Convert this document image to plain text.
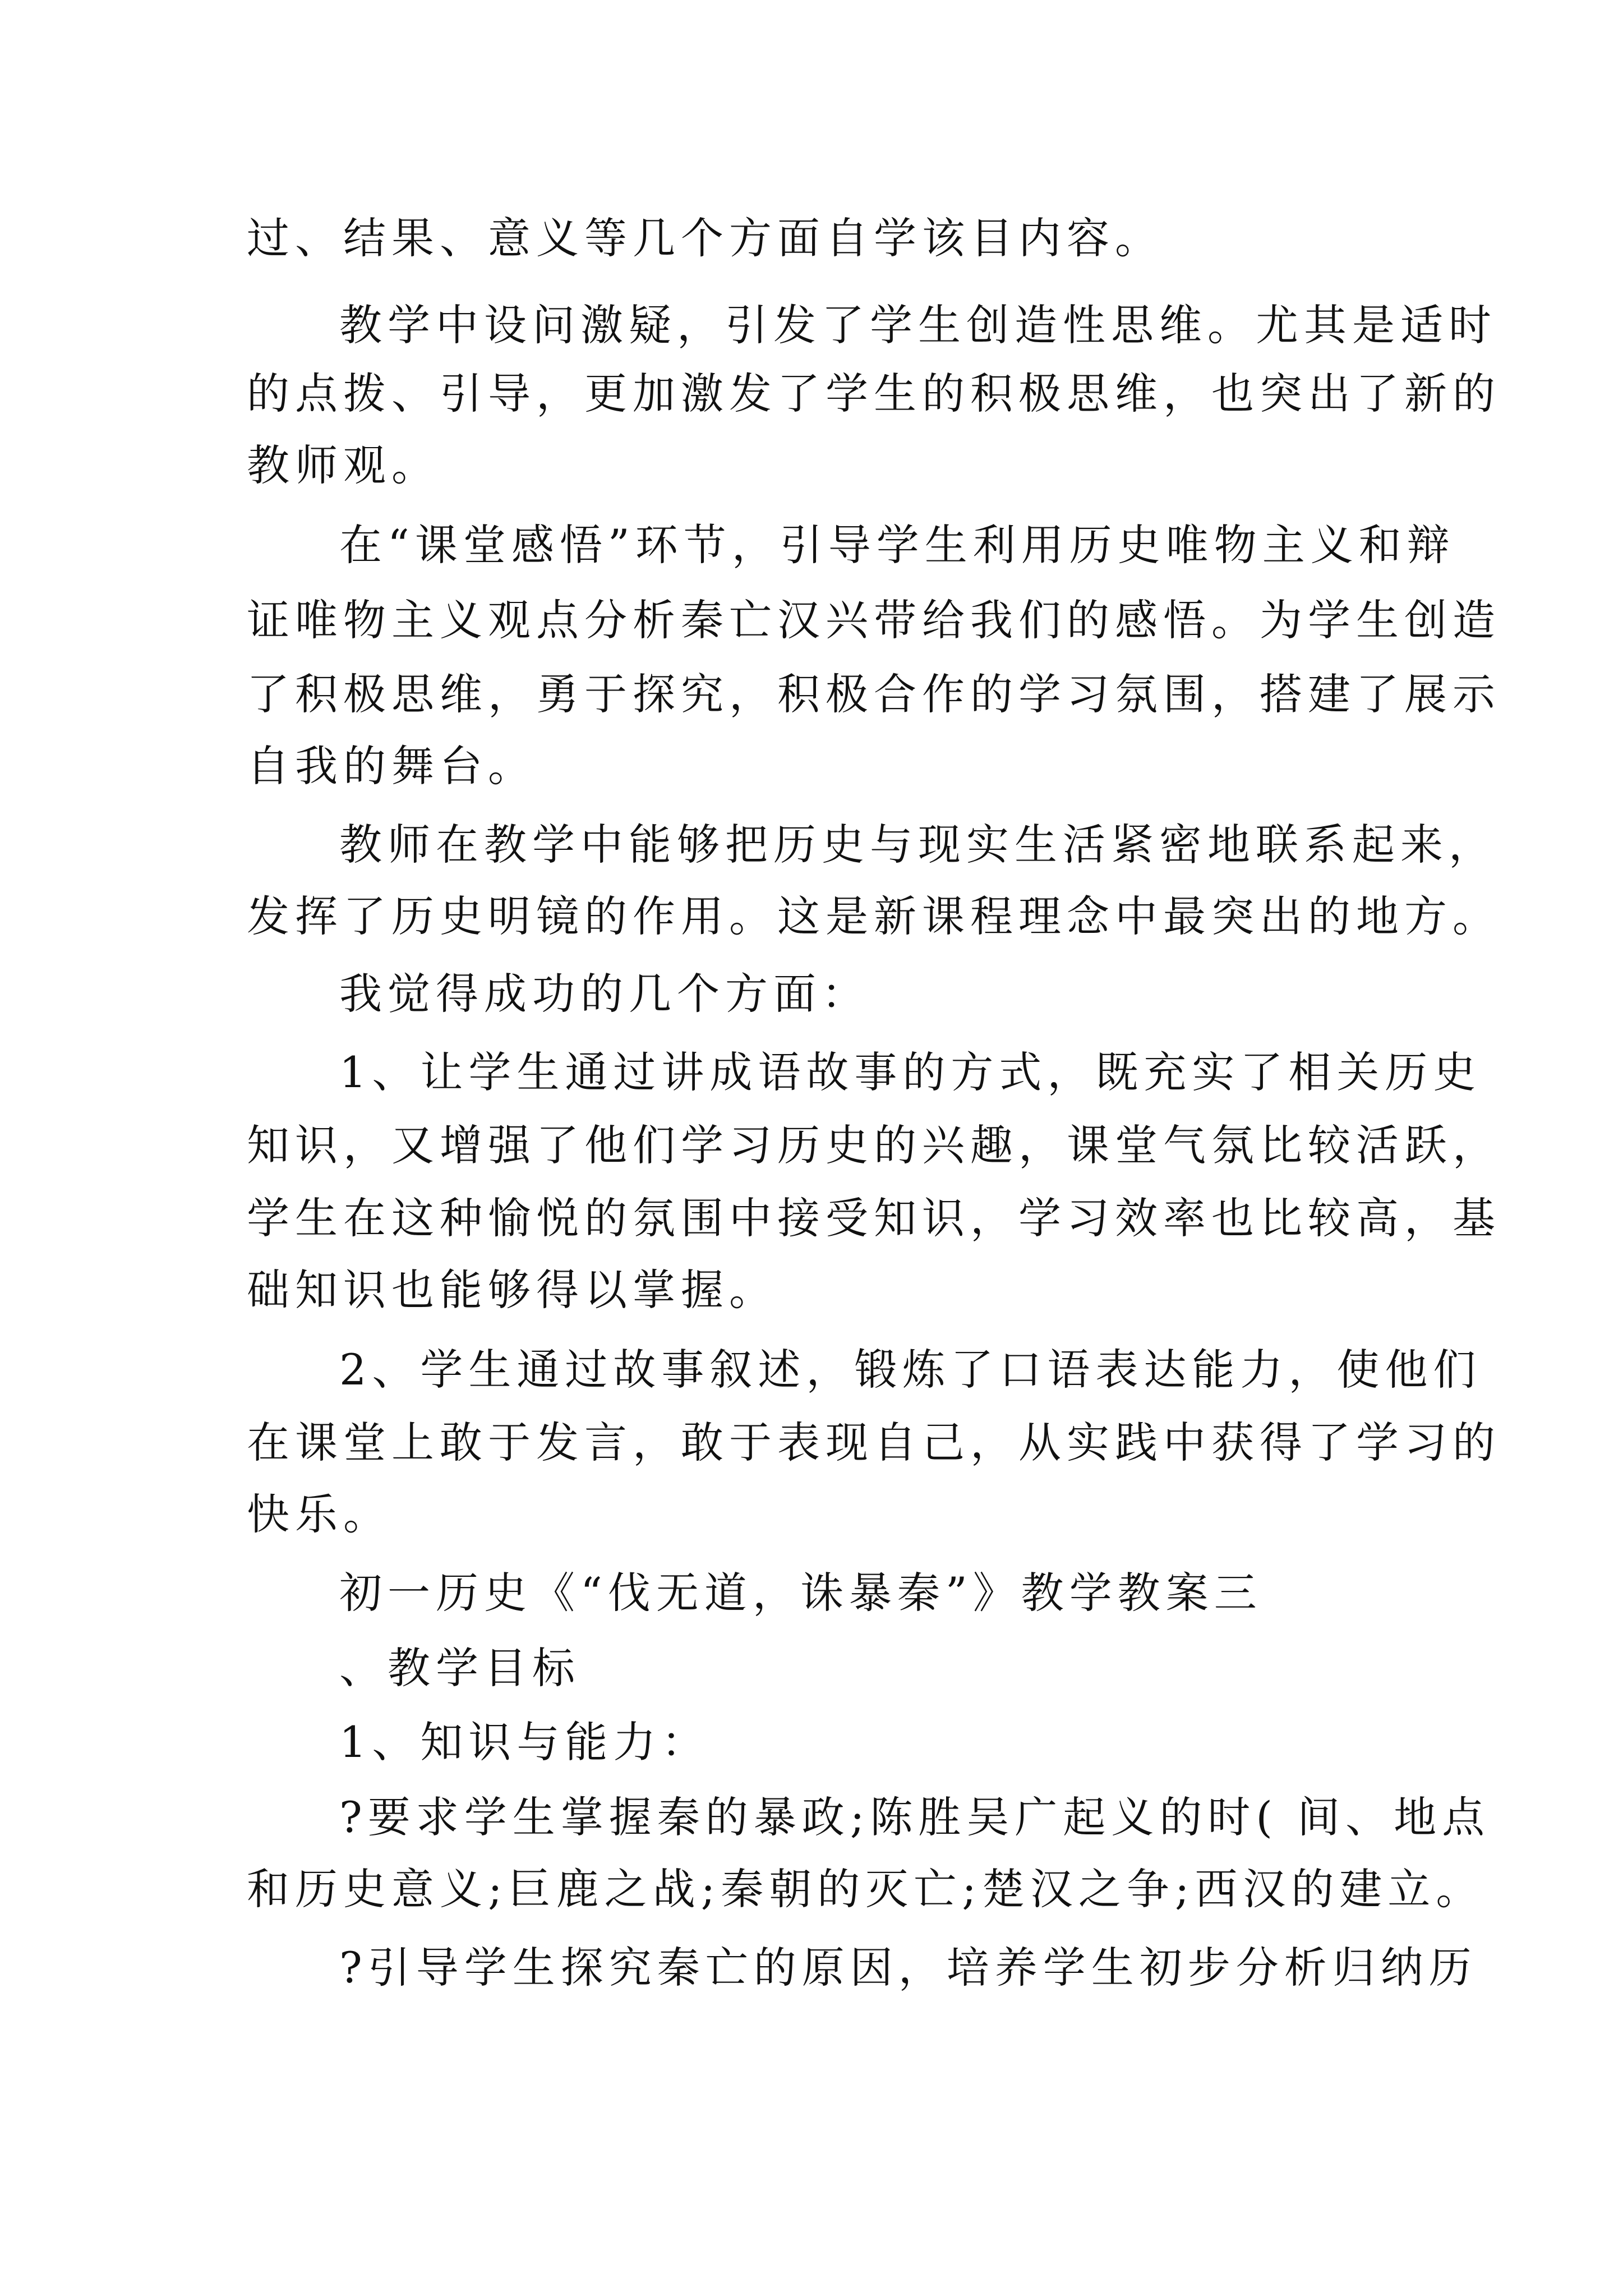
过、结果、意义等几个方面自学该目内容。
教学中设问激疑，引发了学生创造性思维。尤其是适时
的点拨、引导，更加激发了学生的积极思维，也突出了新的
教师观。
在“课堂感悟”环节，引导学生利用历史唯物主义和辩
证唯物主义观点分析秦亡汉兴带给我们的感悟。为学生创造
了积极思维，勇于探究，积极合作的学习氛围，搭建了展示
自我的舞台。
教师在教学中能够把历史与现实生活紧密地联系起来，
发挥了历史明镜的作用。这是新课程理念中最突出的地方。
我觉得成功的几个方面：
1、让学生通过讲成语故事的方式，既充实了相关历史
知识，又增强了他们学习历史的兴趣，课堂气氛比较活跃，
学生在这种愉悦的氛围中接受知识，学习效率也比较高，基
础知识也能够得以掌握。
2、学生通过故事叙述，锻炼了口语表达能力，使他们
在课堂上敢于发言，敢于表现自己，从实践中获得了学习的
快乐。
初一历史《“伐无道，诛暴秦”》教学教案三
、教学目标
1、知识与能力：
?要求学生掌握秦的暴政;陈胜吴广起义的时( 间、地点
和历史意义;巨鹿之战;秦朝的灭亡;楚汉之争;西汉的建立。
?引导学生探究秦亡的原因，培养学生初步分析归纳历
